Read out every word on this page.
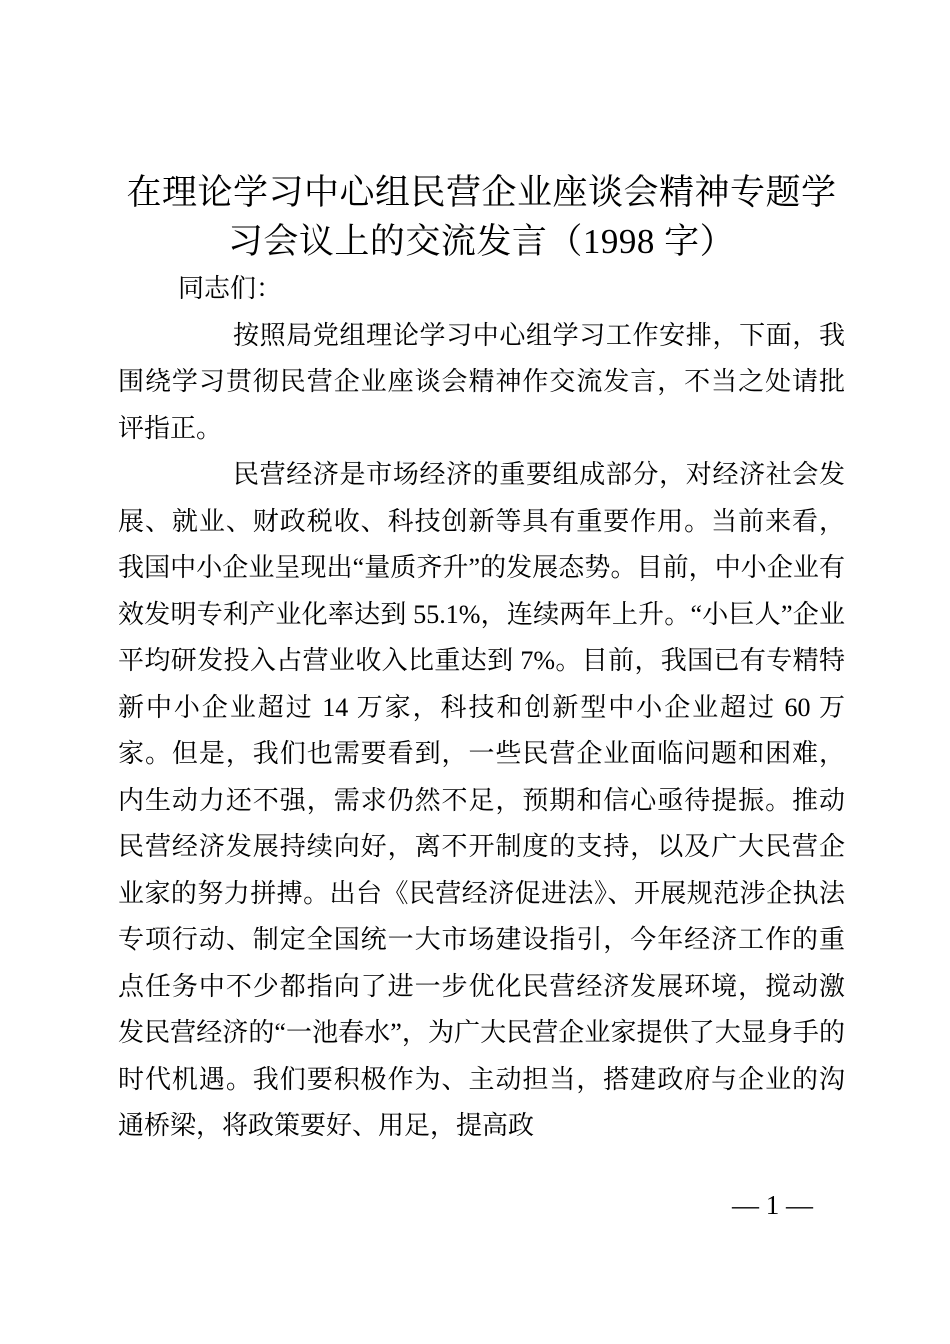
在理论学习中心组民营企业座谈会精神专题学习会议上的交流发言（1998 字）

同志们：

按照局党组理论学习中心组学习工作安排，下面，我围绕学习贯彻民营企业座谈会精神作交流发言，不当之处请批评指正。

民营经济是市场经济的重要组成部分，对经济社会发展、就业、财政税收、科技创新等具有重要作用。当前来看，我国中小企业呈现出“量质齐升”的发展态势。目前，中小企业有效发明专利产业化率达到 55.1%，连续两年上升。“小巨人”企业平均研发投入占营业收入比重达到 7%。目前，我国已有专精特新中小企业超过 14 万家，科技和创新型中小企业超过 60 万家。但是，我们也需要看到，一些民营企业面临问题和困难，内生动力还不强，需求仍然不足，预期和信心亟待提振。推动民营经济发展持续向好，离不开制度的支持，以及广大民营企业家的努力拼搏。出台《民营经济促进法》、开展规范涉企执法专项行动、制定全国统一大市场建设指引，今年经济工作的重点任务中不少都指向了进一步优化民营经济发展环境，搅动激发民营经济的“一池春水”，为广大民营企业家提供了大显身手的时代机遇。我们要积极作为、主动担当，搭建政府与企业的沟通桥梁，将政策要好、用足，提高政

— 1 —
